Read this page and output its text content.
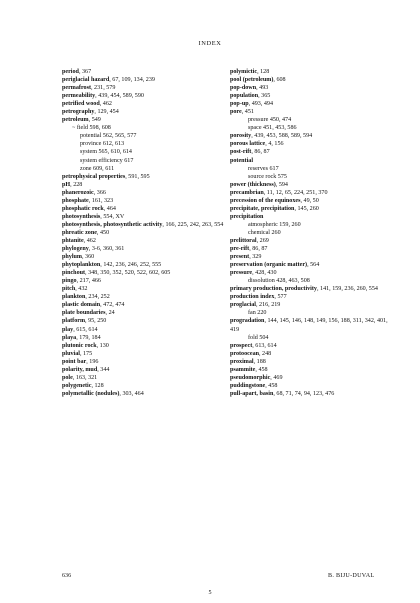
INDEX
period, 367
periglacial hazard, 67, 109, 134, 239
permafrost, 231, 579
permeability, 439, 454, 589, 590
petrified wood, 462
petrography, 129, 454
petroleum, 549
~ field 598, 608
potential 562, 565, 577
province 612, 613
system 565, 610, 614
system efficiency 617
zone 609, 611
petrophysical properties, 591, 595
pH, 228
phanerozoic, 366
phosphate, 161, 323
phosphatic rock, 464
photosynthesis, 554, XV
photosynthesis, photosynthetic activity, 166, 225, 242, 263, 554
phreatic zone, 450
phtanite, 462
phylogeny, 3-6, 360, 361
phylum, 360
phytoplankton, 142, 236, 246, 252, 555
pinchout, 348, 350, 352, 520, 522, 602, 605
pingo, 217, 466
pitch, 432
plankton, 234, 252
plastic domain, 472, 474
plate boundaries, 24
platform, 95, 250
play, 615, 614
playa, 179, 184
plutonic rock, 130
pluvial, 175
point bar, 196
polarity, mud, 344
pole, 163, 321
polygenetic, 128
polymetallic (nodules), 303, 464
polymictic, 128
pool (petroleum), 608
pop-down, 493
population, 365
pop-up, 493, 494
pore, 451
pressure 450, 474
space 451, 453, 586
porosity, 439, 453, 588, 589, 594
porous lattice, 4, 156
post-rift, 86, 87
potential
reserves 617
source rock 575
power (thickness), 594
precambrian, 11, 12, 65, 224, 251, 370
precession of the equinoxes, 49, 50
precipitate, precipitation, 145, 260
precipitation
atmospheric 159, 260
chemical 260
prelittoral, 269
pre-rift, 86, 87
present, 329
preservation (organic matter), 564
pressure, 428, 430
dissolution 428, 463, 508
primary production, productivity, 141, 159, 236, 260, 554
production index, 577
proglacial, 216, 219
fan 220
progradation, 144, 145, 146, 148, 149, 156, 188, 311, 342, 401, 419
fold 504
prospect, 613, 614
protoocean, 248
proximal, 188
psammite, 458
pseudomorphic, 469
puddingstone, 458
pull-apart, basin, 68, 71, 74, 94, 123, 476
636	B. BIJU-DUVAL
5
